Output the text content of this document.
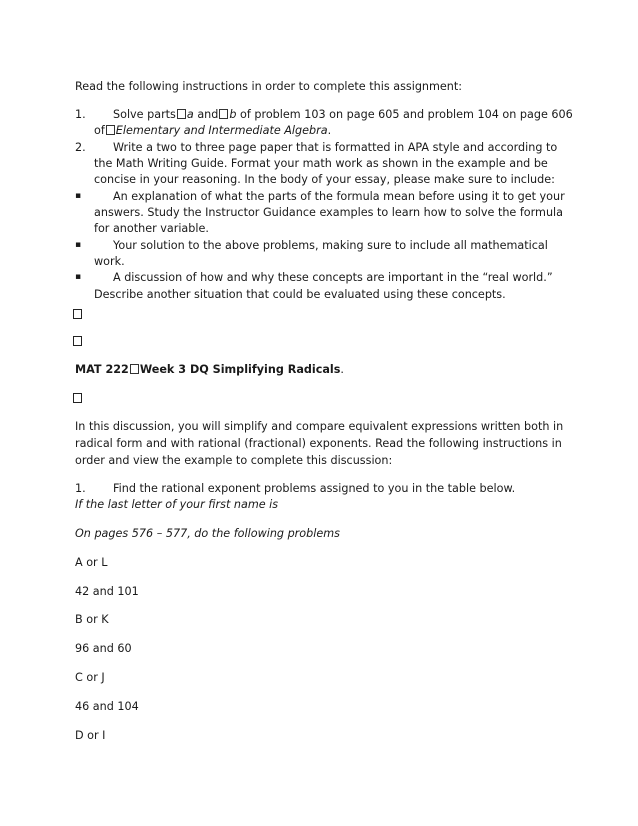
Read the following instructions in order to complete this assignment:
1. Solve parts a and b of problem 103 on page 605 and problem 104 on page 606
of Elementary and Intermediate Algebra.
2. Write a two to three page paper that is formatted in APA style and according to
the Math Writing Guide. Format your math work as shown in the example and be
concise in your reasoning. In the body of your essay, please make sure to include:
▪	An explanation of what the parts of the formula mean before using it to get your
answers. Study the Instructor Guidance examples to learn how to solve the formula
for another variable.
▪	Your solution to the above problems, making sure to include all mathematical
work.
▪	A discussion of how and why these concepts are important in the “real world.”
Describe another situation that could be evaluated using these concepts.
MAT 222 Week 3 DQ Simplifying Radicals.
In this discussion, you will simplify and compare equivalent expressions written both in
radical form and with rational (fractional) exponents. Read the following instructions in
order and view the example to complete this discussion:
1. Find the rational exponent problems assigned to you in the table below.
If the last letter of your first name is
On pages 576 – 577, do the following problems
A or L
42 and 101
B or K
96 and 60
C or J
46 and 104
D or I
